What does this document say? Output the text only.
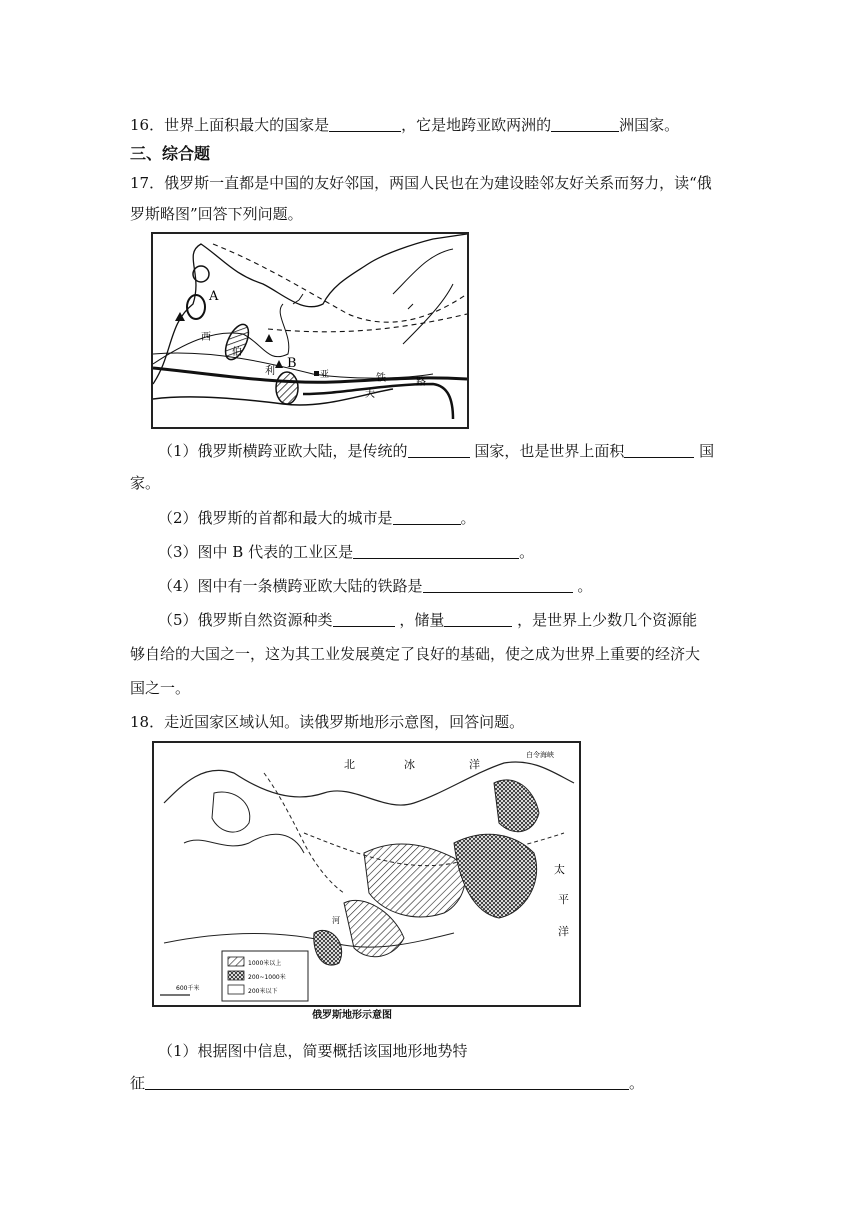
16．世界上面积最大的国家是	，它是地跨亚欧两洲的	洲国家。
三、综合题
17．俄罗斯一直都是中国的友好邻国，两国人民也在为建设睦邻友好关系而努力，读“俄
罗斯略图”回答下列问题。
A
B
西
伯
利	亚
大
铁	路
（1）俄罗斯横跨亚欧大陆，是传统的	国家，也是世界上面积	国
家。
（2）俄罗斯的首都和最大的城市是	。
（3）图中 B 代表的工业区是	。
（4）图中有一条横跨亚欧大陆的铁路是	。
（5）俄罗斯自然资源种类	，储量	，是世界上少数几个资源能
够自给的大国之一，这为其工业发展奠定了良好的基础，使之成为世界上重要的经济大
国之一。
18．走近国家区域认知。读俄罗斯地形示意图，回答问题。
北	冰	洋
白令海峡
太
平
洋
河
1000米以上
200~1000米
200米以下
600千米
俄罗斯地形示意图
（1）根据图中信息，简要概括该国地形地势特
征	。
